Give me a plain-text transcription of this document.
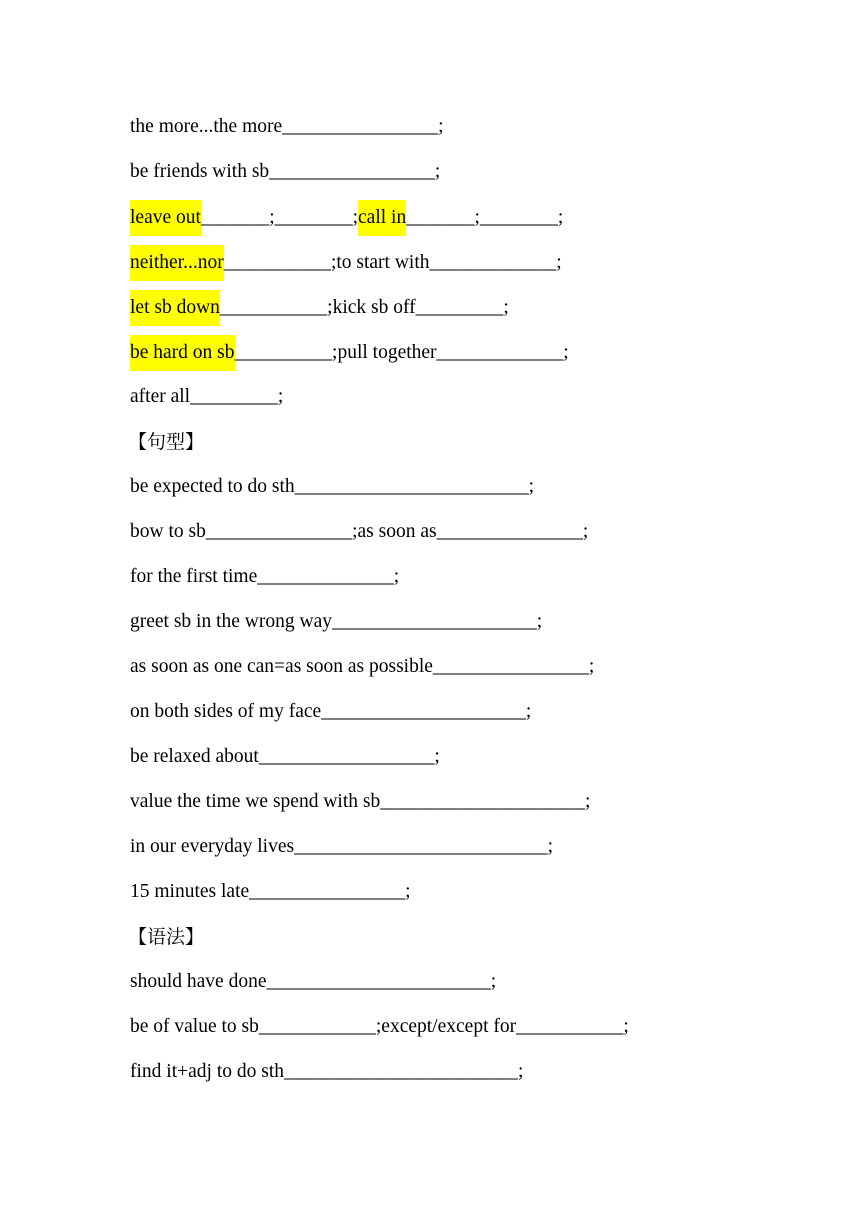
the more...the more________________;
be friends with sb_________________;
leave out_______;________;call in_______;________;
neither...nor___________;to start with_____________;
let sb down___________;kick sb off_________;
be hard on sb__________;pull together_____________;
after all_________;
【句型】
be expected to do sth________________________;
bow to sb_______________;as soon as_______________;
for the first time______________;
greet sb in the wrong way_____________________;
as soon as one can=as soon as possible________________;
on both sides of my face_____________________;
be relaxed about__________________;
value the time we spend with sb_____________________;
in our everyday lives__________________________;
15 minutes late________________;
【语法】
should have done_______________________;
be of value to sb____________;except/except for___________;
find it+adj to do sth________________________;
